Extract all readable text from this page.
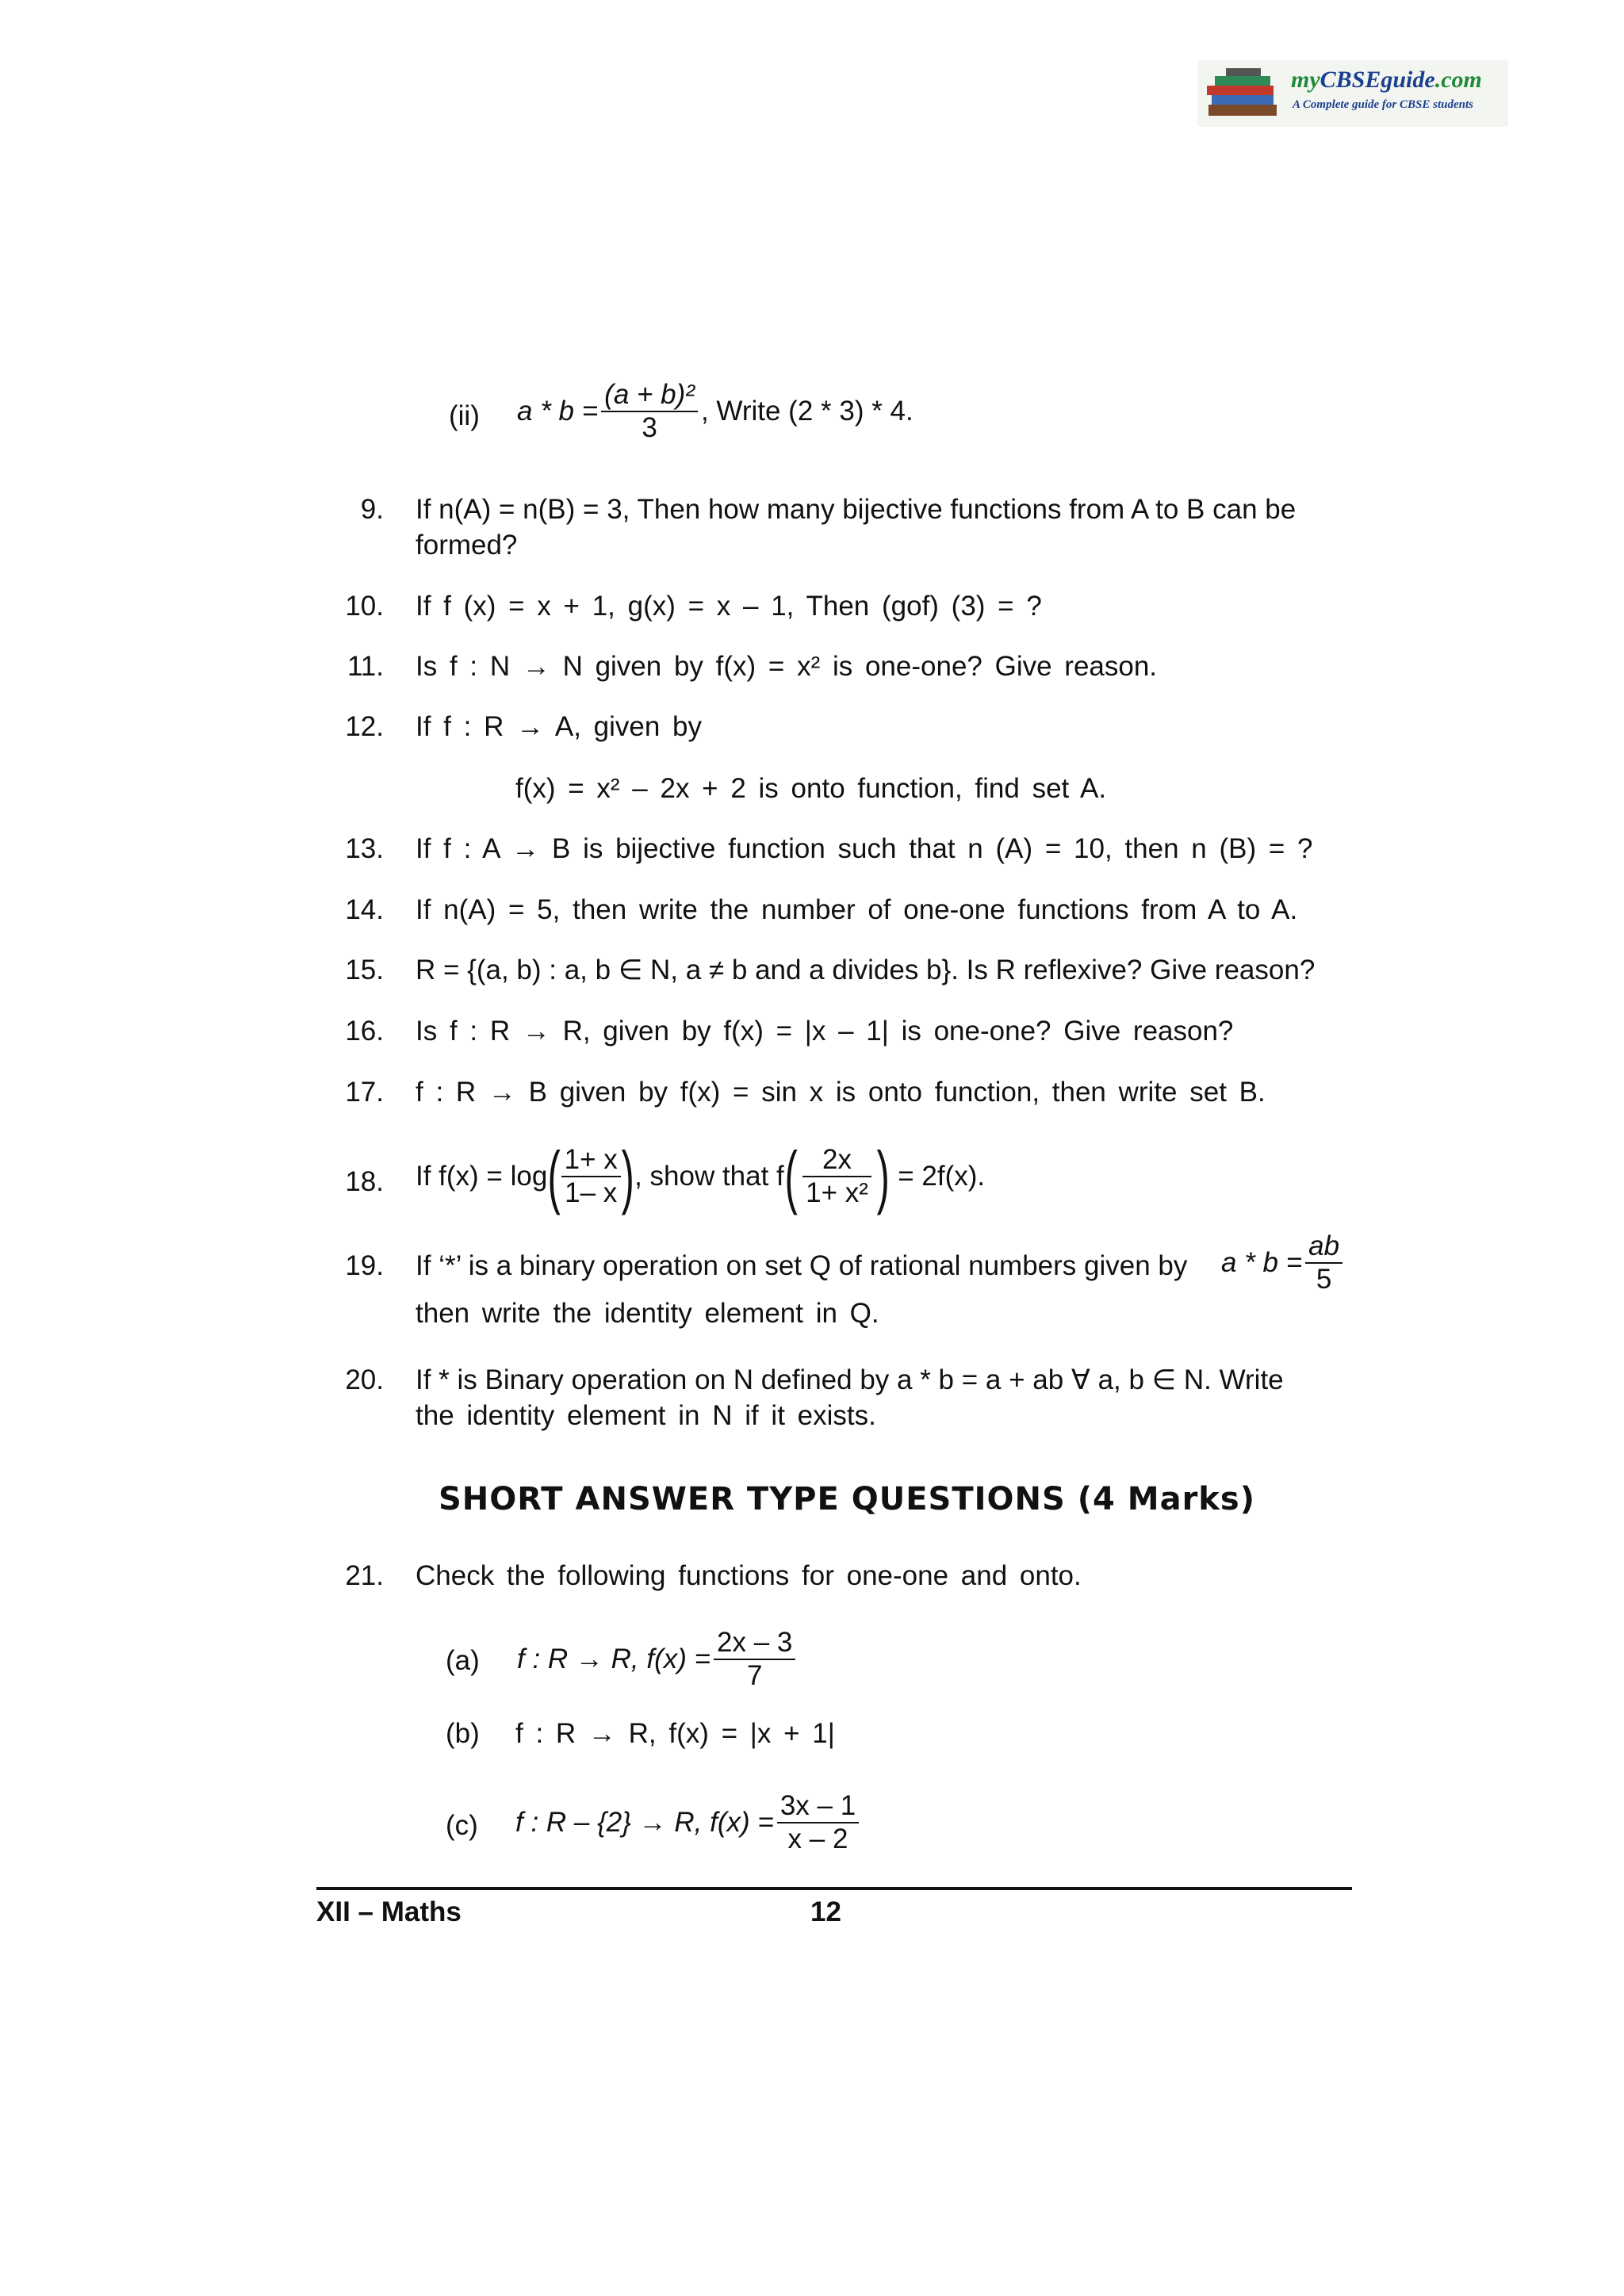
myCBSEguide.com
A Complete guide for CBSE students
(ii) $a * b = \frac{\text{(a + b)²}}{3}$ , Write (2 * 3) * 4.
9. If n(A) = n(B) = 3, Then how many bijective functions from A to B can be
formed?
10. If f (x) = x + 1, g(x) = x – 1, Then (gof) (3) = ?
11. Is f : N → N given by f(x) = x² is one-one? Give reason.
12. If f : R → A, given by
f(x) = x² – 2x + 2 is onto function, find set A.
13. If f : A → B is bijective function such that n (A) = 10, then n (B) = ?
14. If n(A) = 5, then write the number of one-one functions from A to A.
15. R = {(a, b) : a, b ∈ N, a ≠ b and a divides b}. Is R reflexive? Give reason?
16. Is f : R → R, given by f(x) = |x – 1| is one-one? Give reason?
17. f : R → B given by f(x) = sin x is onto function, then write set B.
18. If f(x) = log ( $\frac{1+ x}{1- x}$ ) , show that f ( $\frac{2x}{\text{1+ x²}}$ ) = 2f(x).
19. If ‘*’ is a binary operation on set Q of rational numbers given by $a * b = \frac{ab}{5}$
then write the identity element in Q.
20. If * is Binary operation on N defined by a * b = a + ab ∀ a, b ∈ N. Write
the identity element in N if it exists.
SHORT ANSWER TYPE QUESTIONS (4 Marks)
21. Check the following functions for one-one and onto.
(a) f : R → R, $f(x) = \frac{2x - 3}{7}$
(b) f : R → R, f(x) = |x + 1|
(c) f : R – {2} → R, $f(x) = \frac{3x - 1}{x - 2}$
XII – Maths	12
